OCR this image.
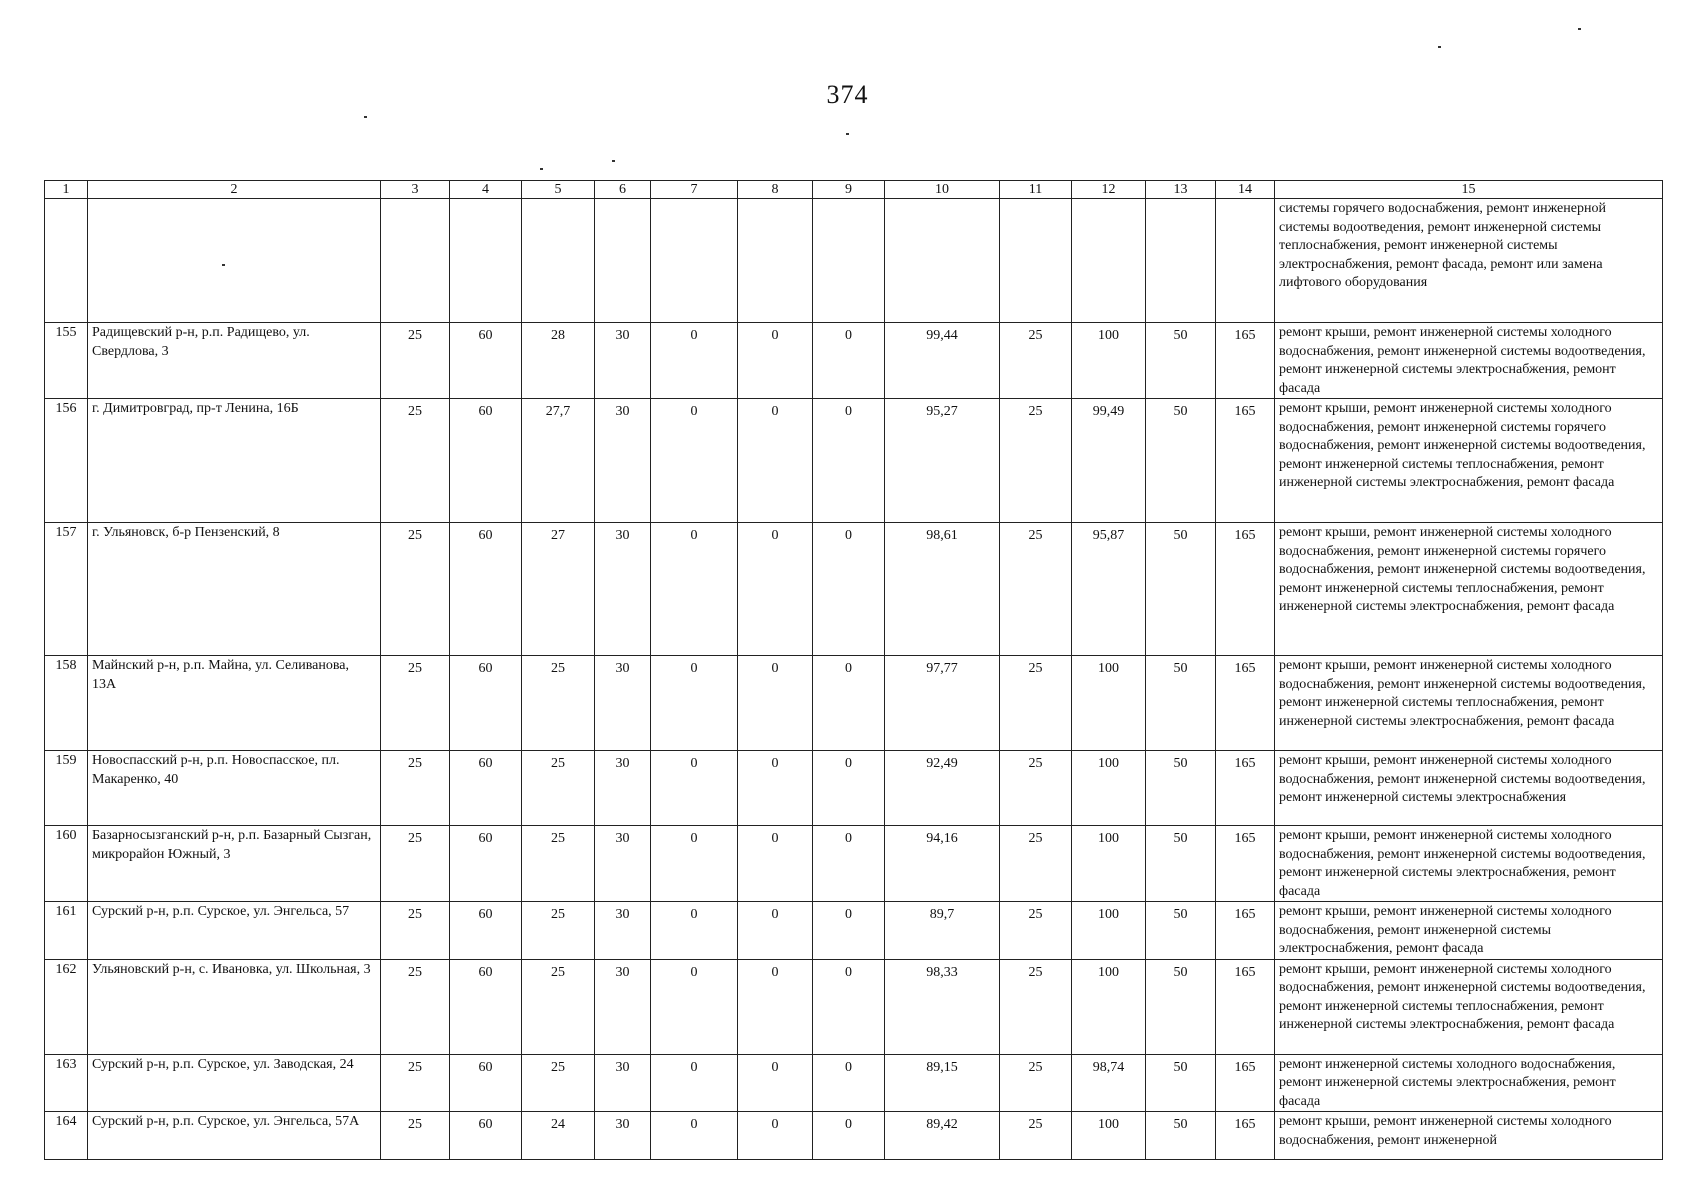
374
1	2	3	4	5	6	7	8	9	10	11	12	13	14	15
														системы горячего водоснабжения, ремонт инженерной системы водоотведения, ремонт инженерной системы теплоснабжения, ремонт инженерной системы электроснабжения, ремонт фасада, ремонт или замена лифтового оборудования
155	Радищевский р-н, р.п. Радищево, ул. Свердлова, 3	25	60	28	30	0	0	0	99,44	25	100	50	165	ремонт крыши, ремонт инженерной системы холодного водоснабжения, ремонт инженерной системы водоотведения, ремонт инженерной системы электроснабжения, ремонт фасада
156	г. Димитровград, пр-т Ленина, 16Б	25	60	27,7	30	0	0	0	95,27	25	99,49	50	165	ремонт крыши, ремонт инженерной системы холодного водоснабжения, ремонт инженерной системы горячего водоснабжения, ремонт инженерной системы водоотведения, ремонт инженерной системы теплоснабжения, ремонт инженерной системы электроснабжения, ремонт фасада
157	г. Ульяновск, б-р Пензенский, 8	25	60	27	30	0	0	0	98,61	25	95,87	50	165	ремонт крыши, ремонт инженерной системы холодного водоснабжения, ремонт инженерной системы горячего водоснабжения, ремонт инженерной системы водоотведения, ремонт инженерной системы теплоснабжения, ремонт инженерной системы электроснабжения, ремонт фасада
158	Майнский р-н, р.п. Майна, ул. Селиванова, 13А	25	60	25	30	0	0	0	97,77	25	100	50	165	ремонт крыши, ремонт инженерной системы холодного водоснабжения, ремонт инженерной системы водоотведения, ремонт инженерной системы теплоснабжения, ремонт инженерной системы электроснабжения, ремонт фасада
159	Новоспасский р-н, р.п. Новоспасское, пл. Макаренко, 40	25	60	25	30	0	0	0	92,49	25	100	50	165	ремонт крыши, ремонт инженерной системы холодного водоснабжения, ремонт инженерной системы водоотведения, ремонт инженерной системы электроснабжения
160	Базарносызганский р-н, р.п. Базарный Сызган, микрорайон Южный, 3	25	60	25	30	0	0	0	94,16	25	100	50	165	ремонт крыши, ремонт инженерной системы холодного водоснабжения, ремонт инженерной системы водоотведения, ремонт инженерной системы электроснабжения, ремонт фасада
161	Сурский р-н, р.п. Сурское, ул. Энгельса, 57	25	60	25	30	0	0	0	89,7	25	100	50	165	ремонт крыши, ремонт инженерной системы холодного водоснабжения, ремонт инженерной системы электроснабжения, ремонт фасада
162	Ульяновский р-н, с. Ивановка, ул. Школьная, 3	25	60	25	30	0	0	0	98,33	25	100	50	165	ремонт крыши, ремонт инженерной системы холодного водоснабжения, ремонт инженерной системы водоотведения, ремонт инженерной системы теплоснабжения, ремонт инженерной системы электроснабжения, ремонт фасада
163	Сурский р-н, р.п. Сурское, ул. Заводская, 24	25	60	25	30	0	0	0	89,15	25	98,74	50	165	ремонт инженерной системы холодного водоснабжения, ремонт инженерной системы электроснабжения, ремонт фасада
164	Сурский р-н, р.п. Сурское, ул. Энгельса, 57А	25	60	24	30	0	0	0	89,42	25	100	50	165	ремонт крыши, ремонт инженерной системы холодного водоснабжения, ремонт инженерной
